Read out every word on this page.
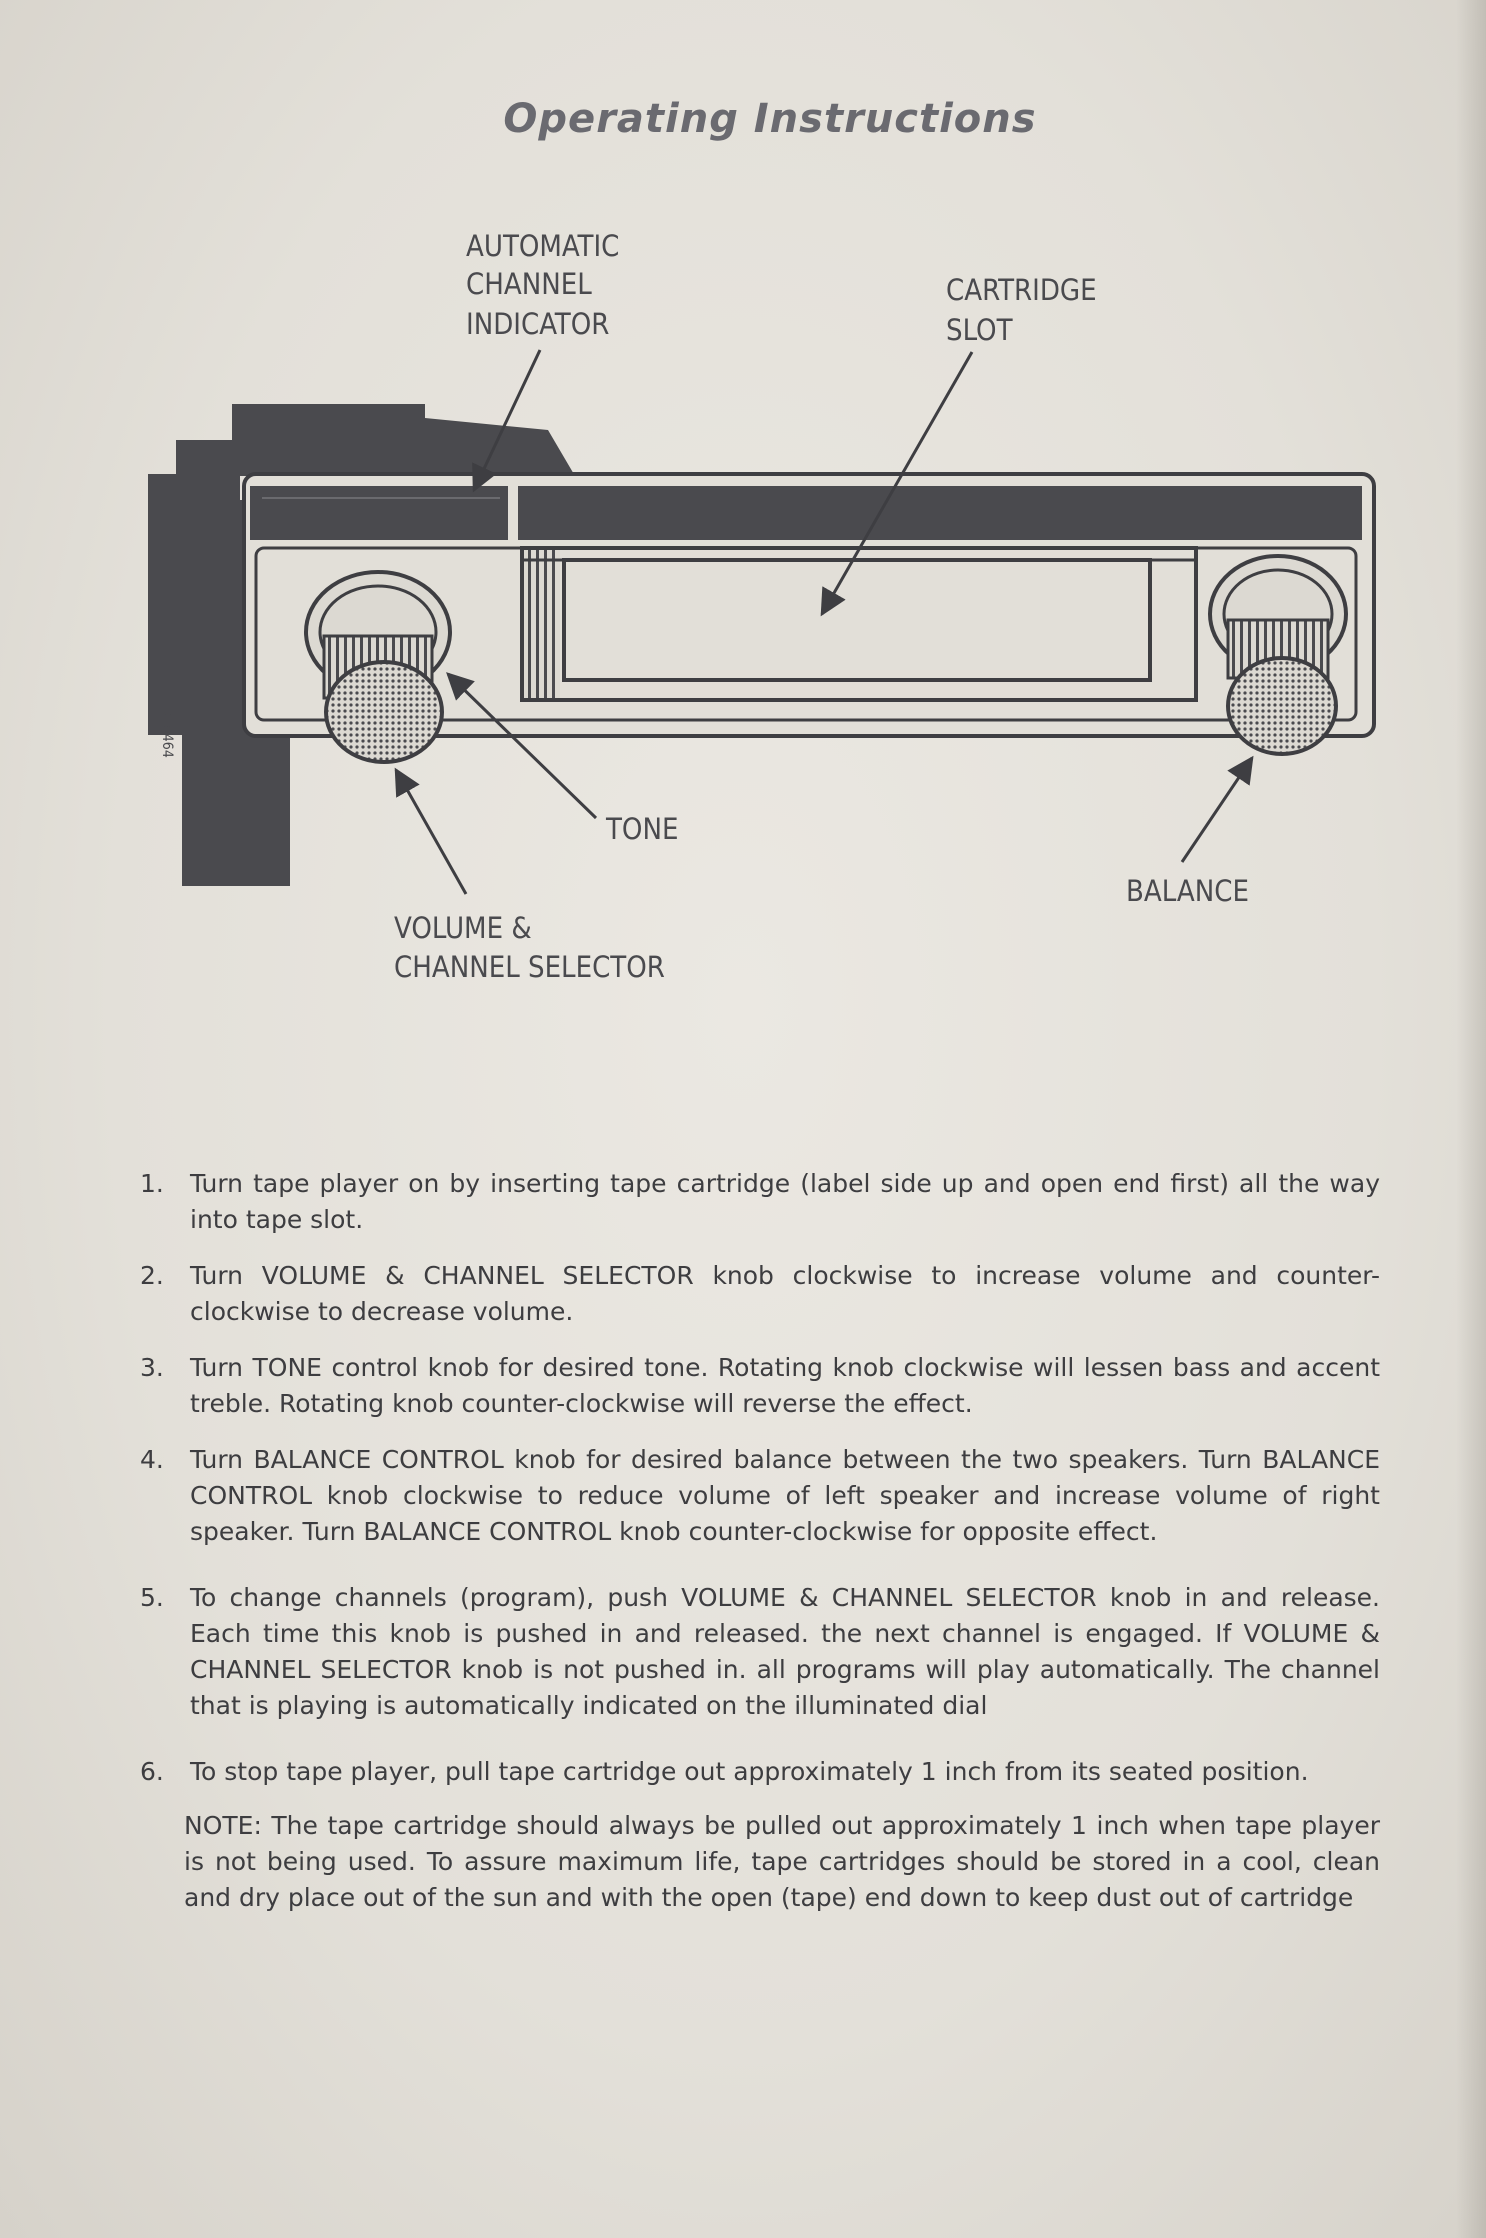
Operating Instructions
AB-464
AUTOMATIC
CHANNEL
INDICATOR
CARTRIDGE
SLOT
TONE
BALANCE
VOLUME &
CHANNEL SELECTOR
1.	Turn tape player on by inserting tape cartridge (label side up and open end first) all the way into tape slot.
2.	Turn VOLUME & CHANNEL SELECTOR knob clockwise to increase volume and counter-clockwise to decrease volume.
3.	Turn TONE control knob for desired tone. Rotating knob clockwise will lessen bass and accent treble. Rotating knob counter-clockwise will reverse the effect.
4.	Turn BALANCE CONTROL knob for desired balance between the two speakers. Turn BALANCE CONTROL knob clockwise to reduce volume of left speaker and increase volume of right speaker. Turn BALANCE CONTROL knob counter-clockwise for opposite effect.
5.	To change channels (program), push VOLUME & CHANNEL SELECTOR knob in and release. Each time this knob is pushed in and released. the next channel is engaged. If VOLUME & CHANNEL SELECTOR knob is not pushed in. all programs will play automatically. The channel that is playing is automatically indicated on the illuminated dial
6.	To stop tape player, pull tape cartridge out approximately 1 inch from its seated position.
NOTE: The tape cartridge should always be pulled out approximately 1 inch when tape player is not being used. To assure maximum life, tape cartridges should be stored in a cool, clean and dry place out of the sun and with the open (tape) end down to keep dust out of cartridge
